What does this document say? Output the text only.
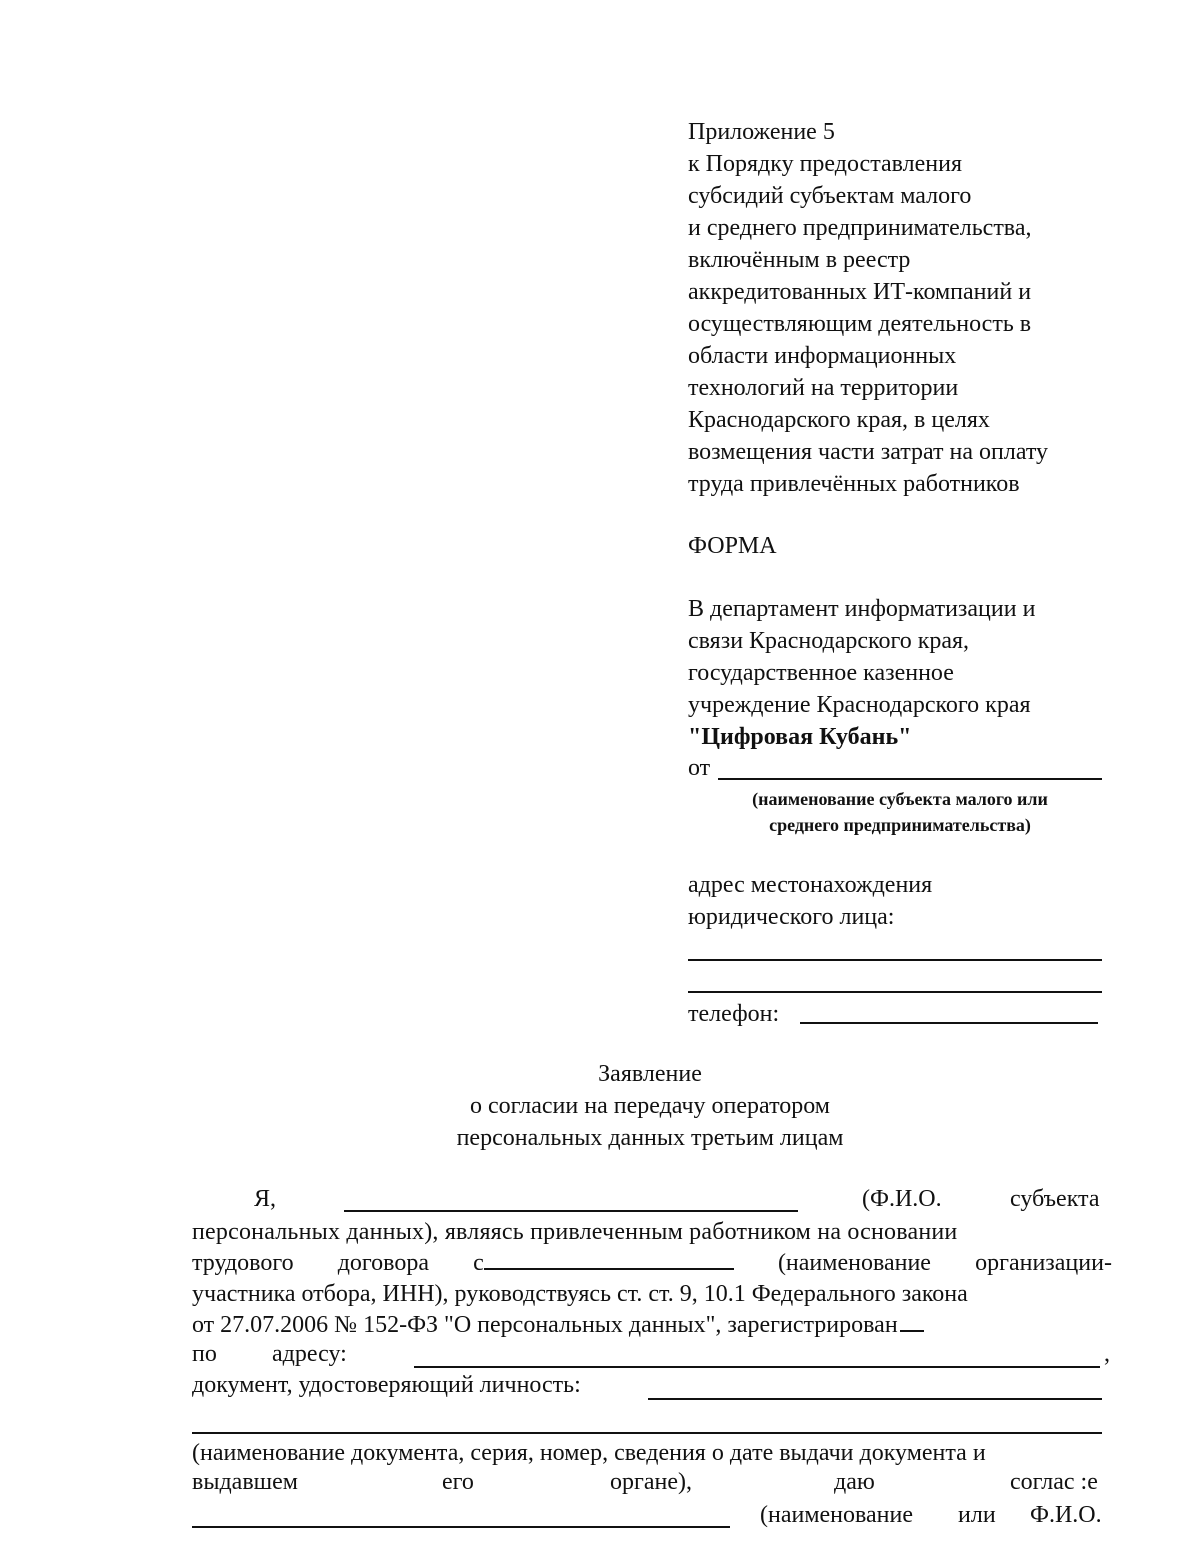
Приложение 5
к Порядку предоставления
субсидий субъектам малого
и среднего предпринимательства,
включённым в реестр
аккредитованных ИТ-компаний и
осуществляющим деятельность в
области информационных
технологий на территории
Краснодарского края, в целях
возмещения части затрат на оплату
труда привлечённых работников
ФОРМА
В департамент информатизации и
связи Краснодарского края,
государственное казенное
учреждение Краснодарского края
"Цифровая Кубань"
от
(наименование субъекта малого или
среднего предпринимательства)
адрес местонахождения
юридического лица:
телефон:
Заявление
о согласии на передачу оператором
персональных данных третьим лицам
Я,	(Ф.И.О.	субъекта
персональных данных), являясь привлеченным работником на основании
трудового договора с	(наименование организации-
участника отбора, ИНН), руководствуясь ст. ст. 9, 10.1 Федерального закона
от 27.07.2006 № 152-ФЗ "О персональных данных", зарегистрирован
по адресу:	,
документ, удостоверяющий личность:
(наименование документа, серия, номер, сведения о дате выдачи документа и
выдавшем	его	органе),	даю	соглас :е
(наименование или Ф.И.О.
